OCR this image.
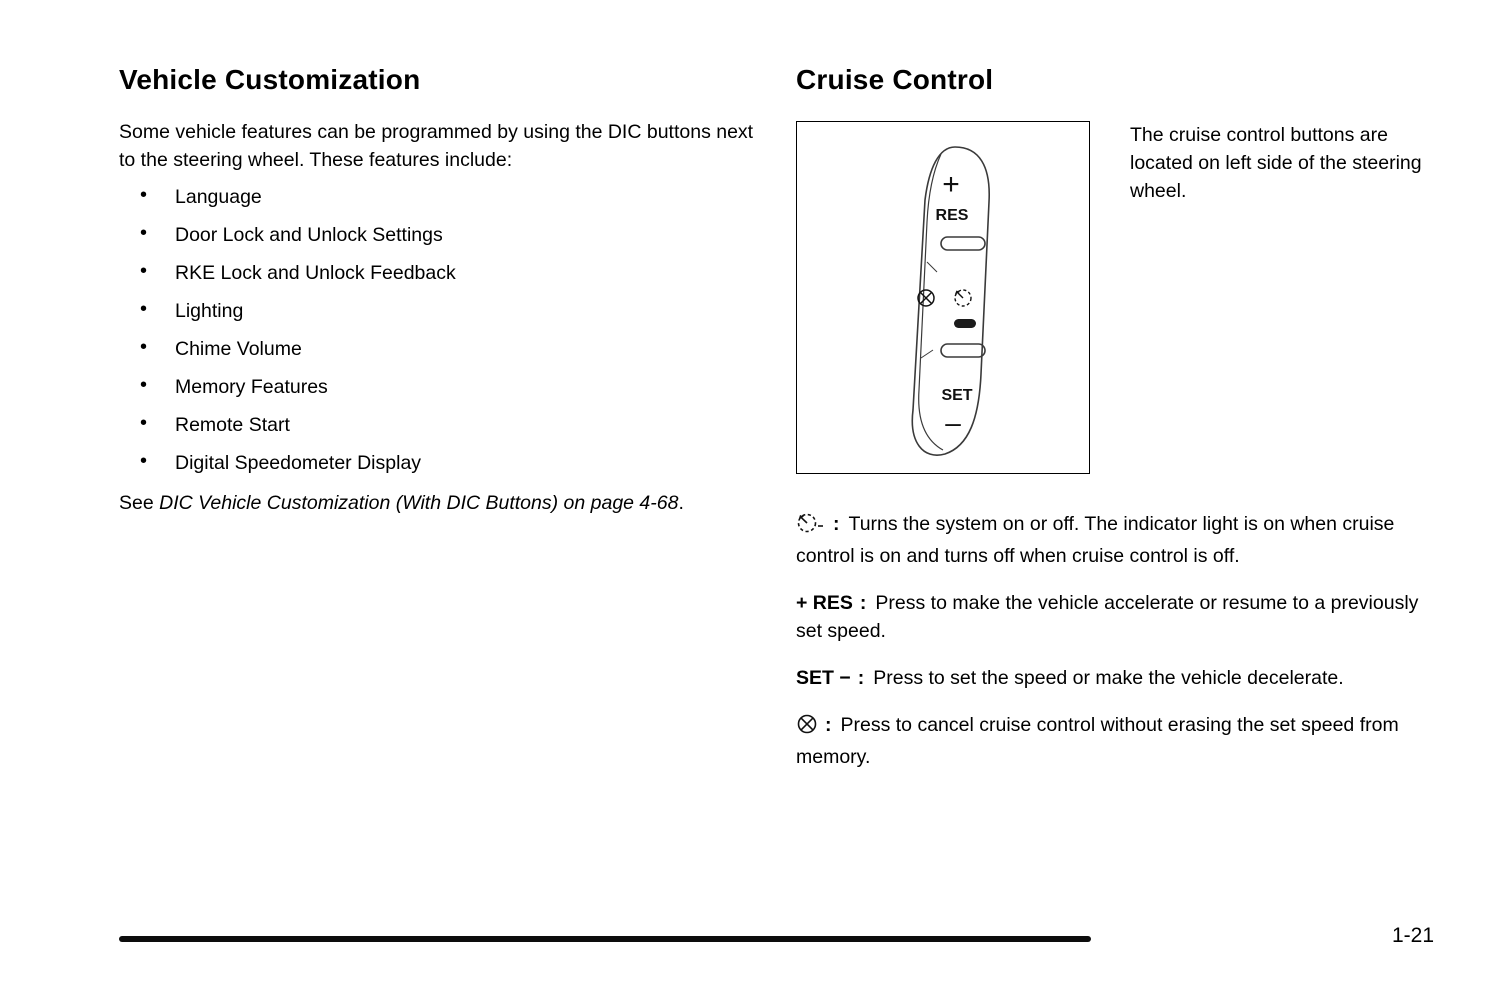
Vehicle Customization

Some vehicle features can be programmed by using the DIC buttons next to the steering wheel. These features include:

• Language
• Door Lock and Unlock Settings
• RKE Lock and Unlock Feedback
• Lighting
• Chime Volume
• Memory Features
• Remote Start
• Digital Speedometer Display

See DIC Vehicle Customization (With DIC Buttons) on page 4-68.

Cruise Control
+
RES
SET
–

The cruise control buttons are located on left side of the steering wheel.

: Turns the system on or off. The indicator light is on when cruise control is on and turns off when cruise control is off.

+ RES : Press to make the vehicle accelerate or resume to a previously set speed.

SET − : Press to set the speed or make the vehicle decelerate.

: Press to cancel cruise control without erasing the set speed from memory.

1-21
